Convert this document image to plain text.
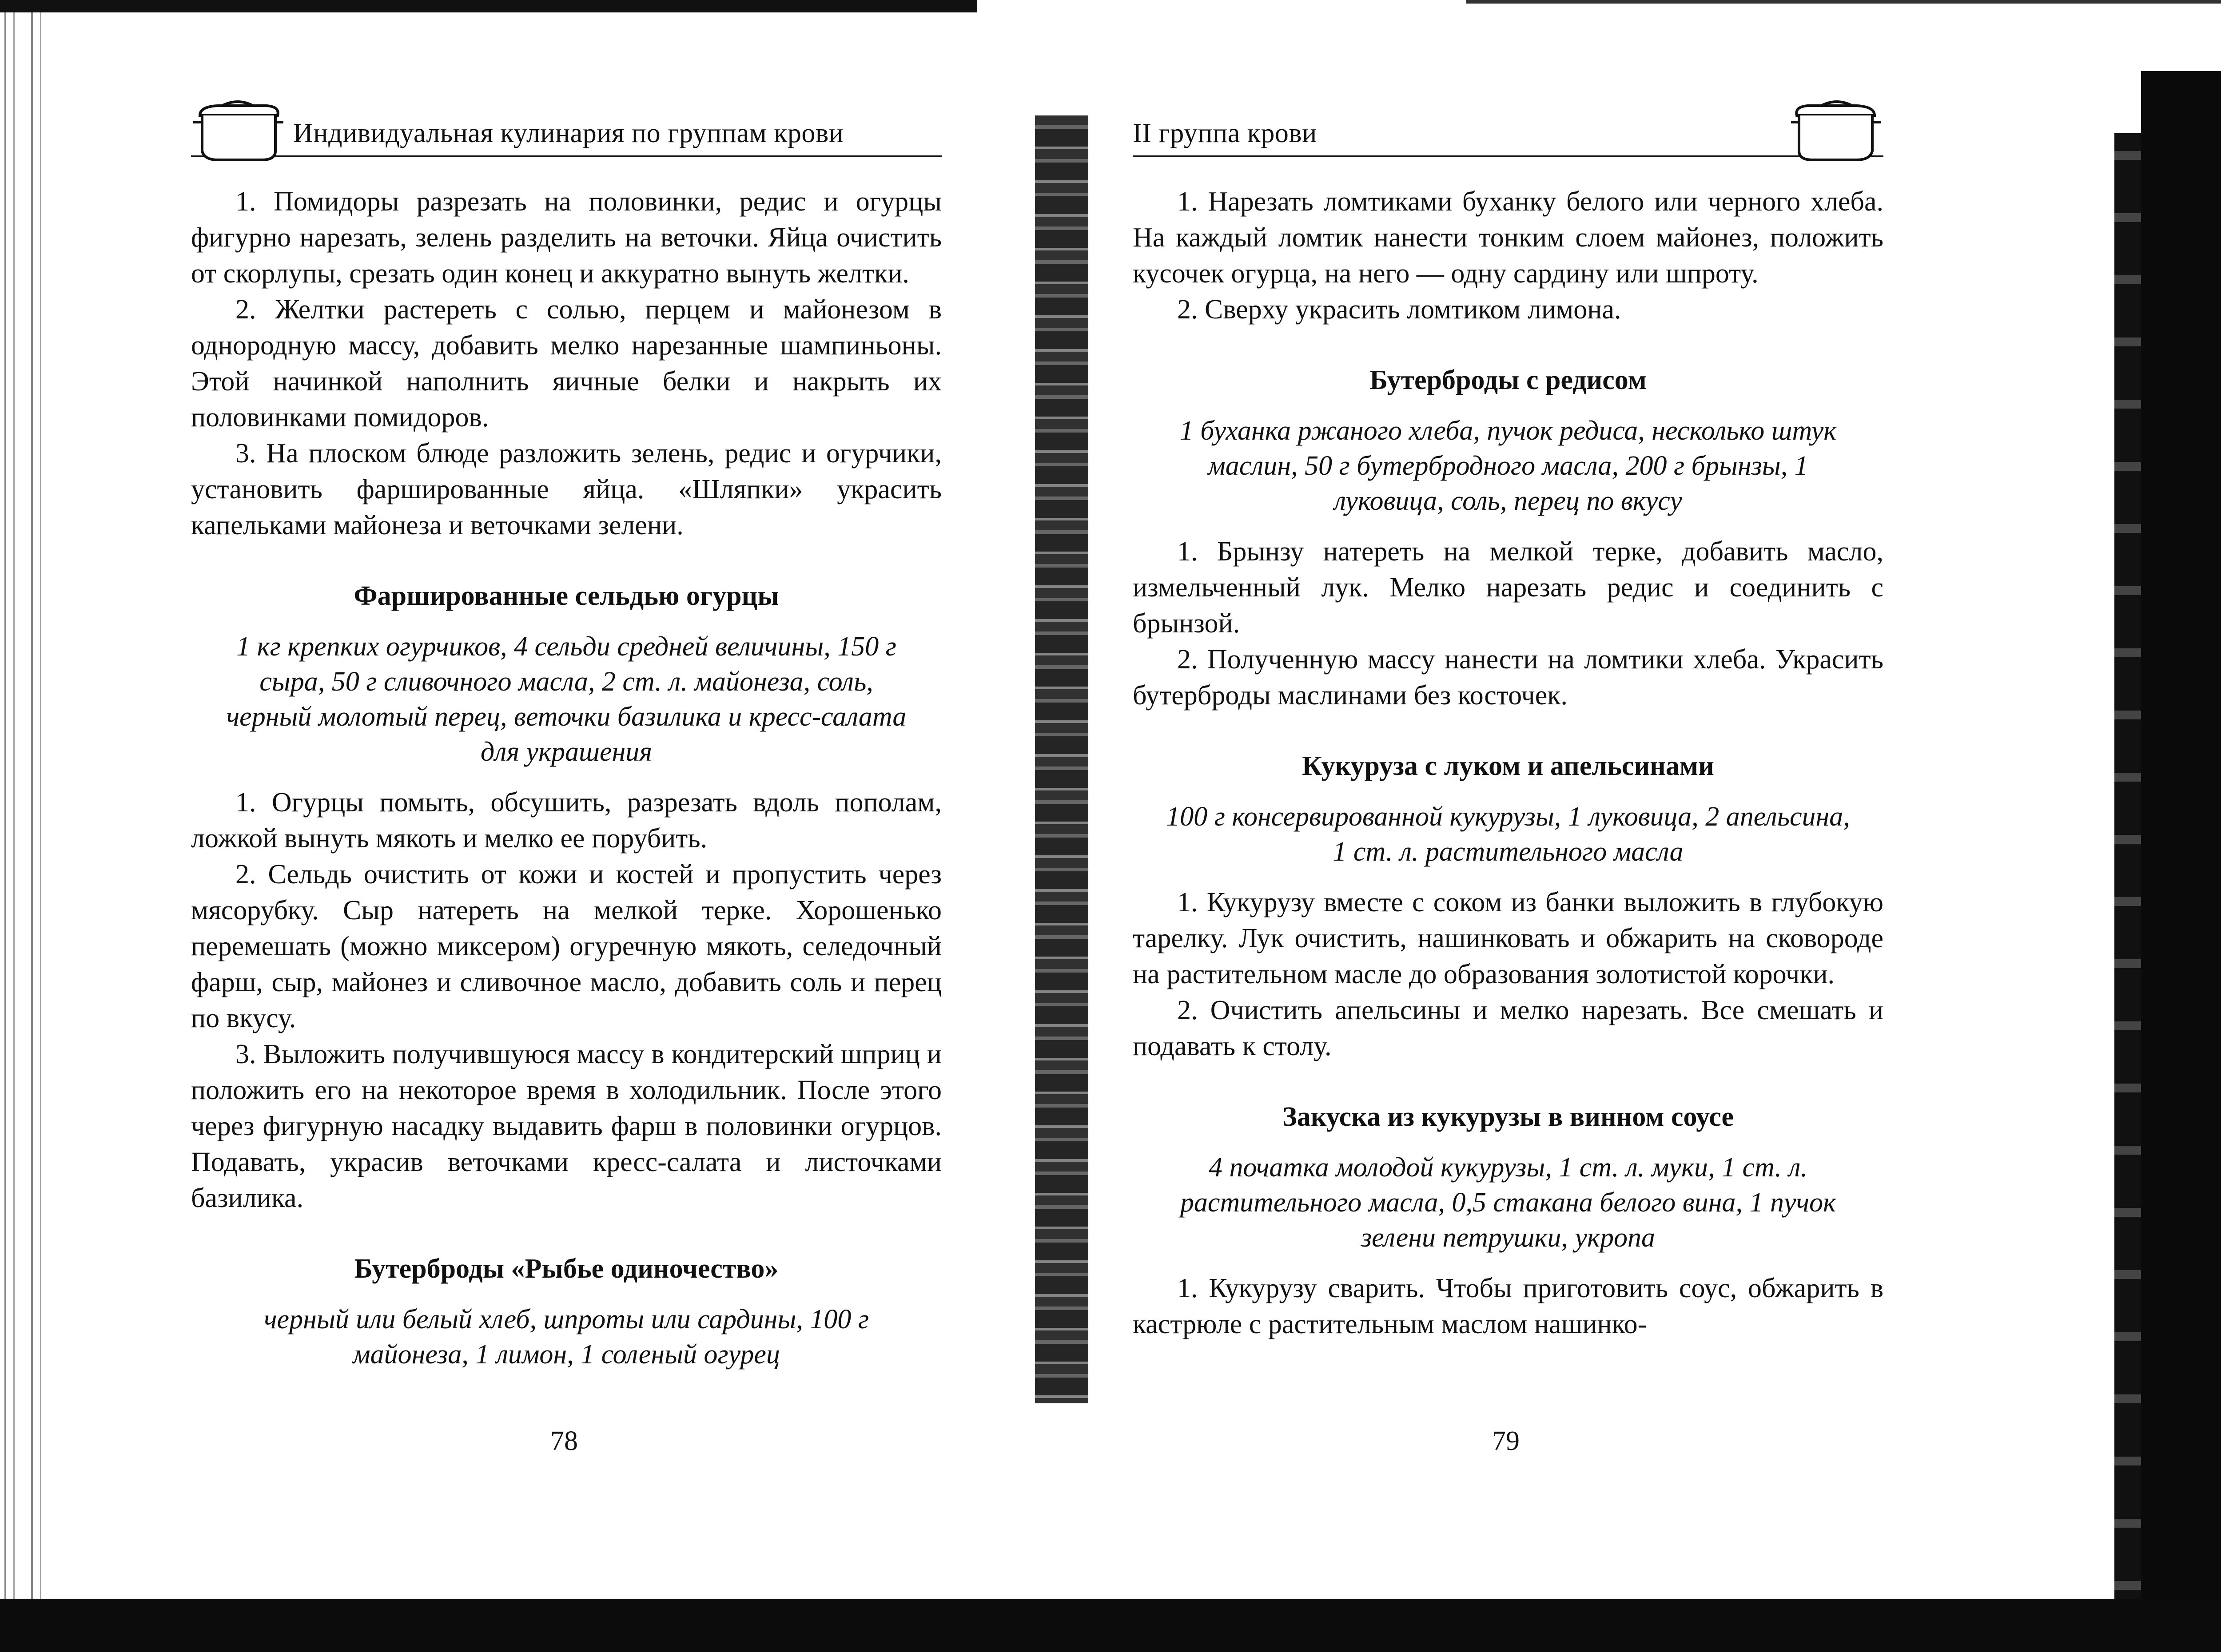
Индивидуальная кулинария по группам крови

1. Помидоры разрезать на половинки, редис и огурцы фигурно нарезать, зелень разделить на веточки. Яйца очистить от скорлупы, срезать один конец и аккуратно вынуть желтки.

2. Желтки растереть с солью, перцем и майонезом в однородную массу, добавить мелко нарезанные шампиньоны. Этой начинкой наполнить яичные белки и накрыть их половинками помидоров.

3. На плоском блюде разложить зелень, редис и огурчики, установить фаршированные яйца. «Шляпки» украсить капельками майонеза и веточками зелени.

Фаршированные сельдью огурцы

1 кг крепких огурчиков, 4 сельди средней величины, 150 г сыра, 50 г сливочного масла, 2 ст. л. майонеза, соль, черный молотый перец, веточки базилика и кресс-салата для украшения

1. Огурцы помыть, обсушить, разрезать вдоль пополам, ложкой вынуть мякоть и мелко ее порубить.

2. Сельдь очистить от кожи и костей и пропустить через мясорубку. Сыр натереть на мелкой терке. Хорошенько перемешать (можно миксером) огуречную мякоть, селедочный фарш, сыр, майонез и сливочное масло, добавить соль и перец по вкусу.

3. Выложить получившуюся массу в кондитерский шприц и положить его на некоторое время в холодильник. После этого через фигурную насадку выдавить фарш в половинки огурцов. Подавать, украсив веточками кресс-салата и листочками базилика.

Бутерброды «Рыбье одиночество»

черный или белый хлеб, шпроты или сардины, 100 г майонеза, 1 лимон, 1 соленый огурец

78
II группа крови

1. Нарезать ломтиками буханку белого или черного хлеба. На каждый ломтик нанести тонким слоем майонез, положить кусочек огурца, на него — одну сардину или шпроту.

2. Сверху украсить ломтиком лимона.

Бутерброды с редисом

1 буханка ржаного хлеба, пучок редиса, несколько штук маслин, 50 г бутербродного масла, 200 г брынзы, 1 луковица, соль, перец по вкусу

1. Брынзу натереть на мелкой терке, добавить масло, измельченный лук. Мелко нарезать редис и соединить с брынзой.

2. Полученную массу нанести на ломтики хлеба. Украсить бутерброды маслинами без косточек.

Кукуруза с луком и апельсинами

100 г консервированной кукурузы, 1 луковица, 2 апельсина, 1 ст. л. растительного масла

1. Кукурузу вместе с соком из банки выложить в глубокую тарелку. Лук очистить, нашинковать и обжарить на сковороде на растительном масле до образования золотистой корочки.

2. Очистить апельсины и мелко нарезать. Все смешать и подавать к столу.

Закуска из кукурузы в винном соусе

4 початка молодой кукурузы, 1 ст. л. муки, 1 ст. л. растительного масла, 0,5 стакана белого вина, 1 пучок зелени петрушки, укропа

1. Кукурузу сварить. Чтобы приготовить соус, обжарить в кастрюле с растительным маслом нашинко-

79
